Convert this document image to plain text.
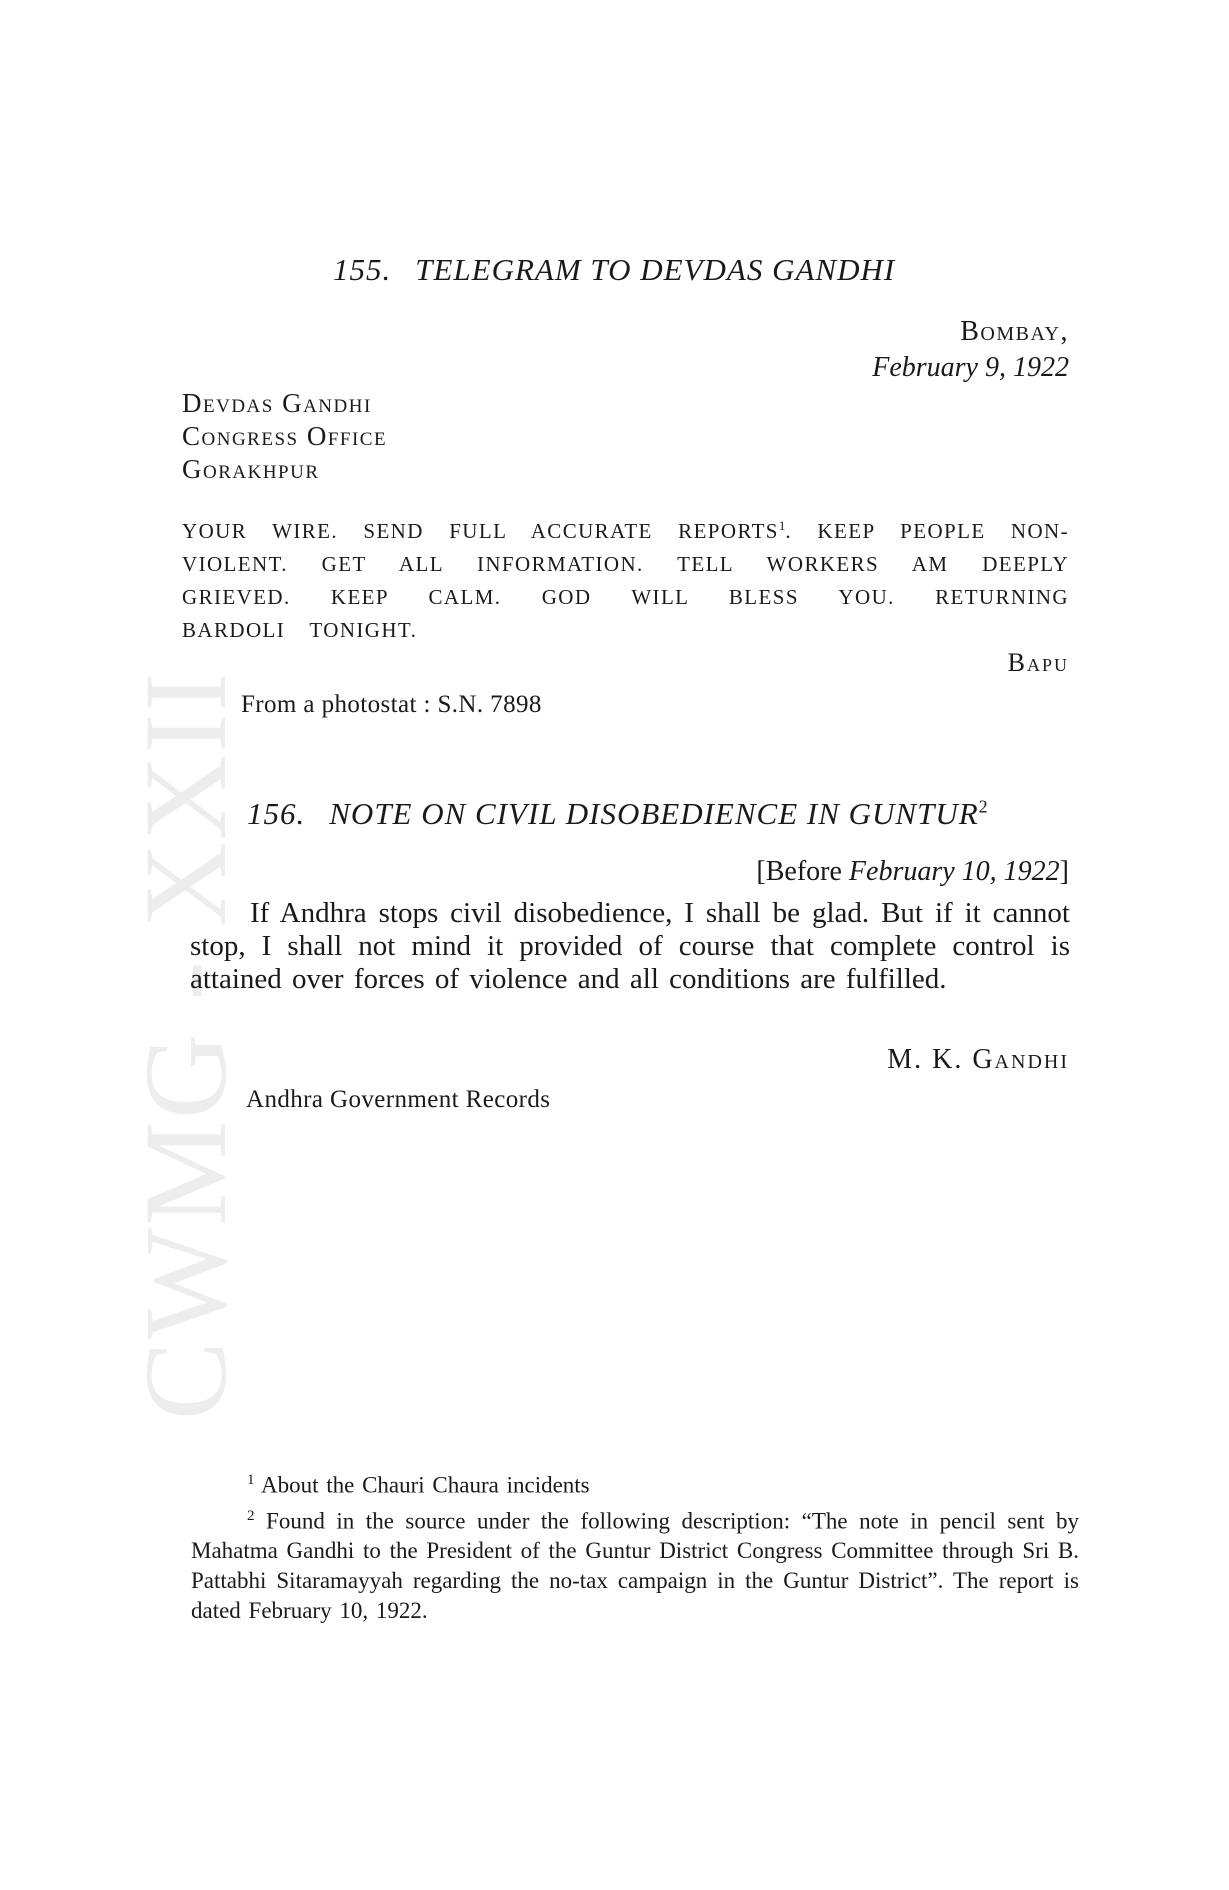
CWMG - XXII
155. TELEGRAM TO DEVDAS GANDHI
Bombay,
February 9, 1922
Devdas Gandhi
Congress Office
Gorakhpur
YOUR WIRE. SEND FULL ACCURATE REPORTS$^1$. KEEP PEOPLE NON-VIOLENT. GET ALL INFORMATION. TELL WORKERS AM DEEPLY GRIEVED. KEEP CALM. GOD WILL BLESS YOU. RETURNING BARDOLI TONIGHT.
Bapu
From a photostat : S.N. 7898
156. NOTE ON CIVIL DISOBEDIENCE IN GUNTUR$^2$
[Before February 10, 1922]
If Andhra stops civil disobedience, I shall be glad. But if it cannot stop, I shall not mind it provided of course that complete control is attained over forces of violence and all conditions are fulfilled.
M. K. Gandhi
Andhra Government Records

$^1$ About the Chauri Chaura incidents

$^2$ Found in the source under the following description: “The note in pencil sent by Mahatma Gandhi to the President of the Guntur District Congress Committee through Sri B. Pattabhi Sitaramayyah regarding the no-tax campaign in the Guntur District”. The report is dated February 10, 1922.
